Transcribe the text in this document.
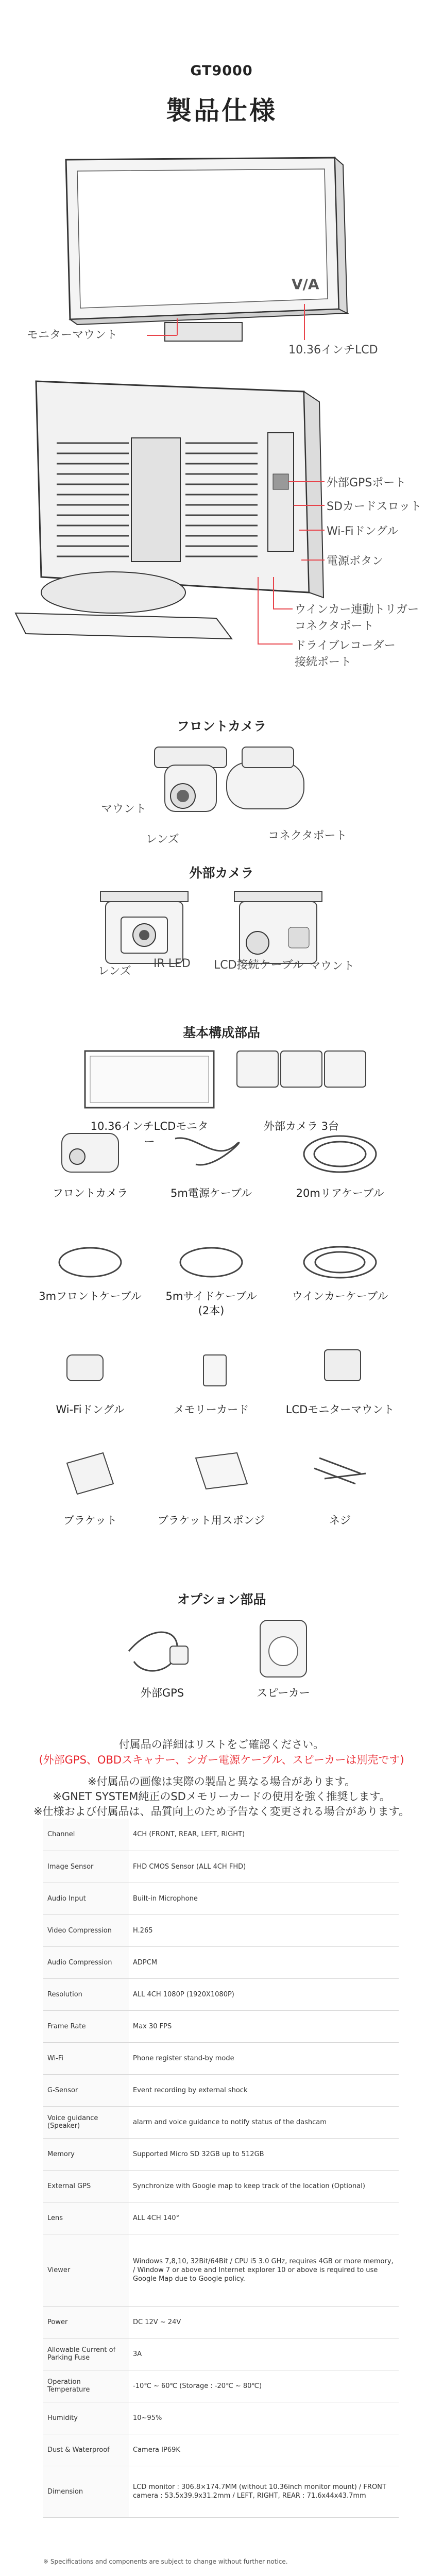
GT9000
製品仕様
V/A
モニターマウント
10.36インチLCD
外部GPSポート
SDカードスロット
Wi-Fiドングル
電源ボタン
ウインカー連動トリガー
コネクタポート
ドライブレコーダー
接続ポート
フロントカメラ
マウント
レンズ	コネクタポート
外部カメラ
レンズ
IR LED LCD接続ケーブル マウント
基本構成部品
10.36インチLCDモニター
外部カメラ 3台
フロントカメラ	5m電源ケーブル	20mリアケーブル
3mフロントケーブル	5mサイドケーブル
(2本)
ウインカーケーブル
Wi-Fiドングル	メモリーカード	LCDモニターマウント
ブラケット	ブラケット用スポンジ	ネジ
オプション部品
外部GPS	スピーカー
付属品の詳細はリストをご確認ください。
(外部GPS、OBDスキャナー、シガー電源ケーブル、スピーカーは別売です)
※付属品の画像は実際の製品と異なる場合があります。
※GNET SYSTEM純正のSDメモリーカードの使用を強く推奨します。
※仕様および付属品は、品質向上のため予告なく変更される場合があります。
Channel	4CH (FRONT, REAR, LEFT, RIGHT)
Image Sensor	FHD CMOS Sensor (ALL 4CH FHD)
Audio Input	Built-in Microphone
Video Compression	H.265
Audio Compression	ADPCM
Resolution	ALL 4CH 1080P (1920X1080P)
Frame Rate	Max 30 FPS
Wi-Fi	Phone register stand-by mode
G-Sensor	Event recording by external shock
Voice guidance (Speaker)	alarm and voice guidance to notify status of the dashcam
Memory	Supported Micro SD 32GB up to 512GB
External GPS	Synchronize with Google map to keep track of the location (Optional)
Lens	ALL 4CH 140°
Viewer	Windows 7,8,10, 32Bit/64Bit / CPU i5 3.0 GHz, requires 4GB or more memory, / Window 7 or above and Internet explorer 10 or above is required to use Google Map due to Google policy.
Power	DC 12V ~ 24V
Allowable Current of Parking Fuse	3A
Operation Temperature	-10℃ ~ 60℃ (Storage : -20℃ ~ 80℃)
Humidity	10~95%
Dust & Waterproof	Camera IP69K
Dimension	LCD monitor : 306.8×174.7MM (without 10.36inch monitor mount) / FRONT camera : 53.5x39.9x31.2mm / LEFT, RIGHT, REAR : 71.6x44x43.7mm
※ Specifications and components are subject to change without further notice.
